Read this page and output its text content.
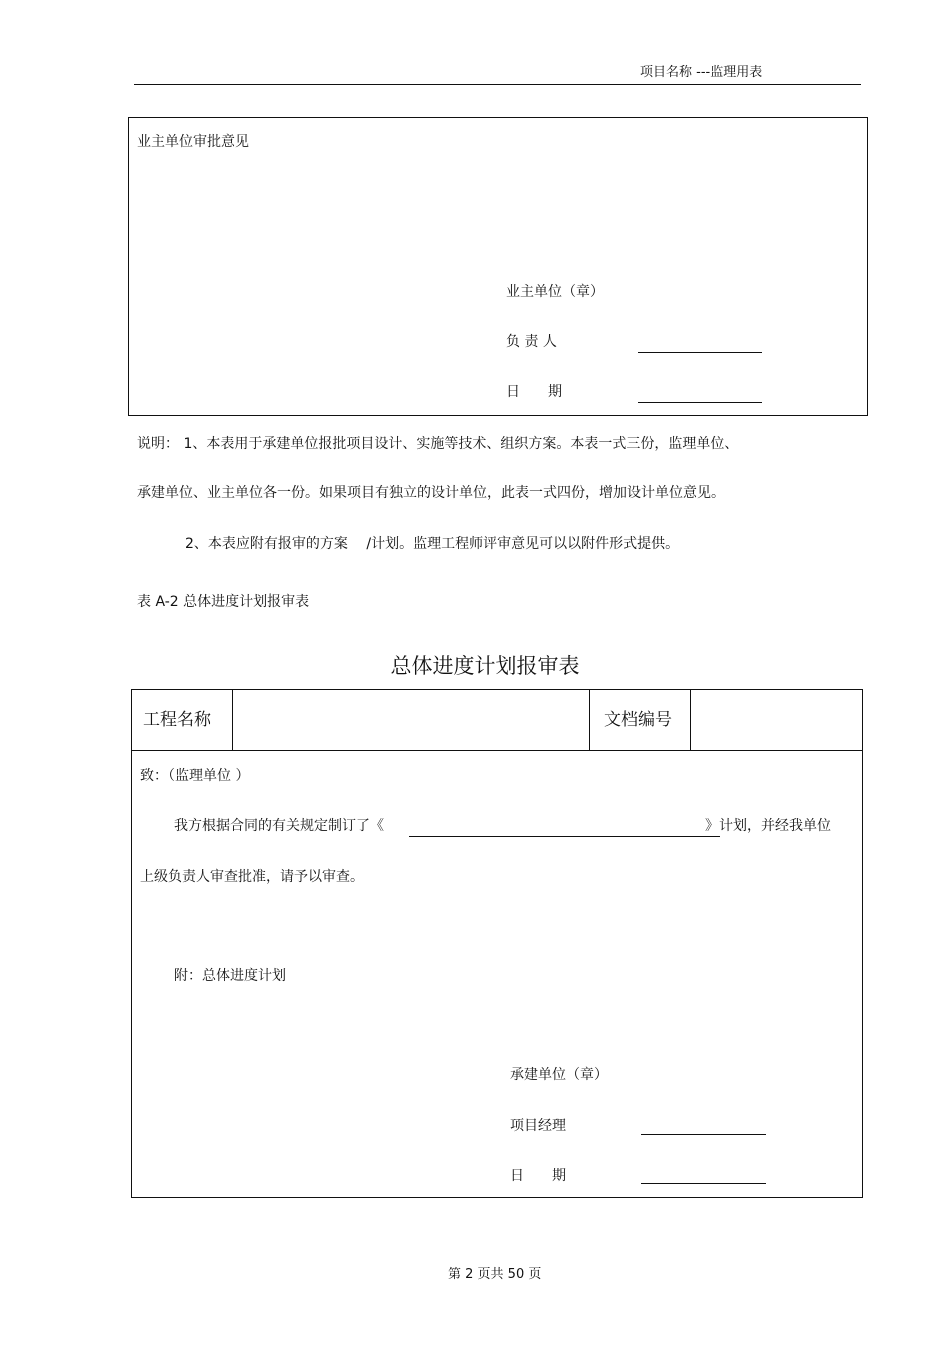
项目名称 ---监理用表
业主单位审批意见
业主单位（章）
负 责 人
日　　期
说明： 1、本表用于承建单位报批项目设计、实施等技术、组织方案。本表一式三份，监理单位、
承建单位、业主单位各一份。如果项目有独立的设计单位，此表一式四份，增加设计单位意见。
2、本表应附有报审的方案　 /计划。监理工程师评审意见可以以附件形式提供。
表 A-2 总体进度计划报审表
总体进度计划报审表
工程名称	文档编号
致：（监理单位 ）
我方根据合同的有关规定制订了《	》计划，并经我单位
上级负责人审查批准，请予以审查。
附：总体进度计划
承建单位（章）
项目经理
日　　期
第 2 页共 50 页
